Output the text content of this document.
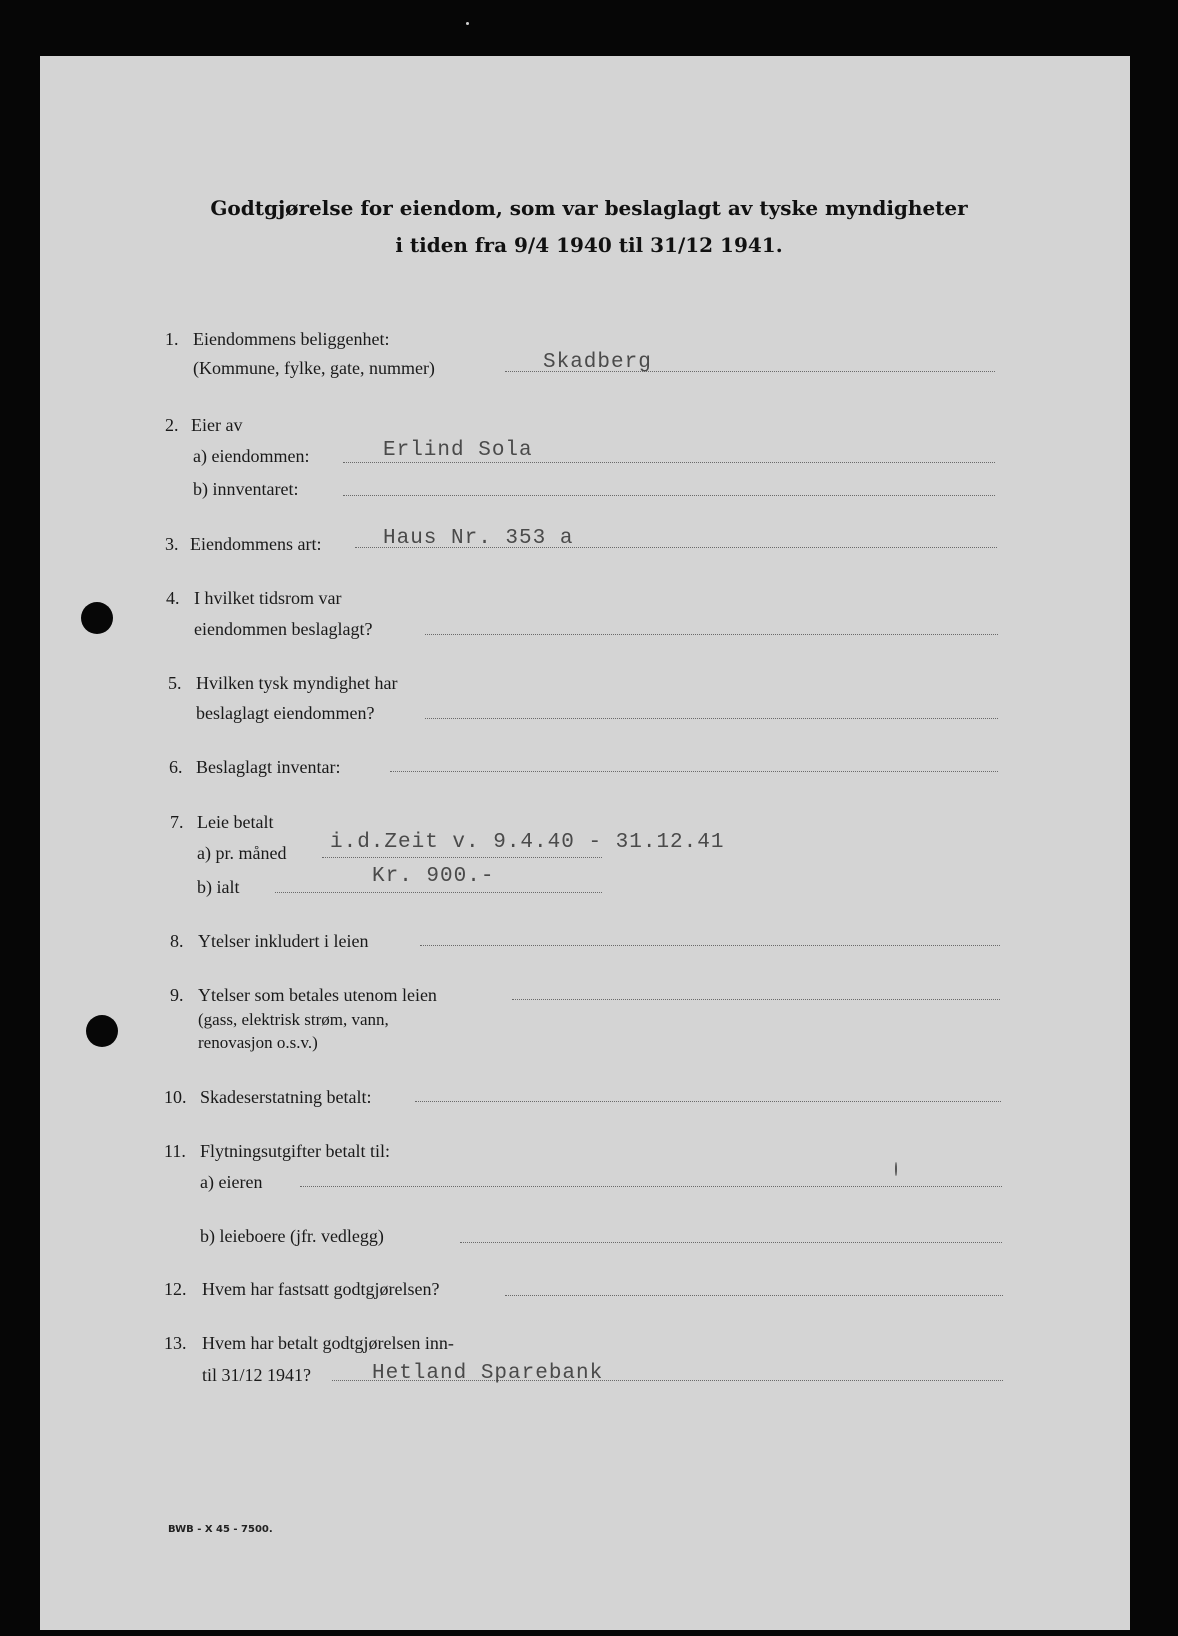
Godtgjørelse for eiendom, som var beslaglagt av tyske myndigheter
i tiden fra 9/4 1940 til 31/12 1941.
1. Eiendommens beliggenhet:
(Kommune, fylke, gate, nummer)	Skadberg
2. Eier av
a) eiendommen:	Erlind Sola
b) innventaret:
3. Eiendommens art:	Haus Nr. 353 a
4. I hvilket tidsrom var
eiendommen beslaglagt?
5. Hvilken tysk myndighet har
beslaglagt eiendommen?
6. Beslaglagt inventar:
7. Leie betalt
a) pr. måned i.d.Zeit v. 9.4.40 - 31.12.41
b) ialt	Kr. 900.-
8. Ytelser inkludert i leien
9. Ytelser som betales utenom leien
(gass, elektrisk strøm, vann,
renovasjon o.s.v.)
10. Skadeserstatning betalt:
11. Flytningsutgifter betalt til:
a) eieren
b) leieboere (jfr. vedlegg)
12. Hvem har fastsatt godtgjørelsen?
13. Hvem har betalt godtgjørelsen inn-
til 31/12 1941?	Hetland Sparebank
BWB - X 45 - 7500.
